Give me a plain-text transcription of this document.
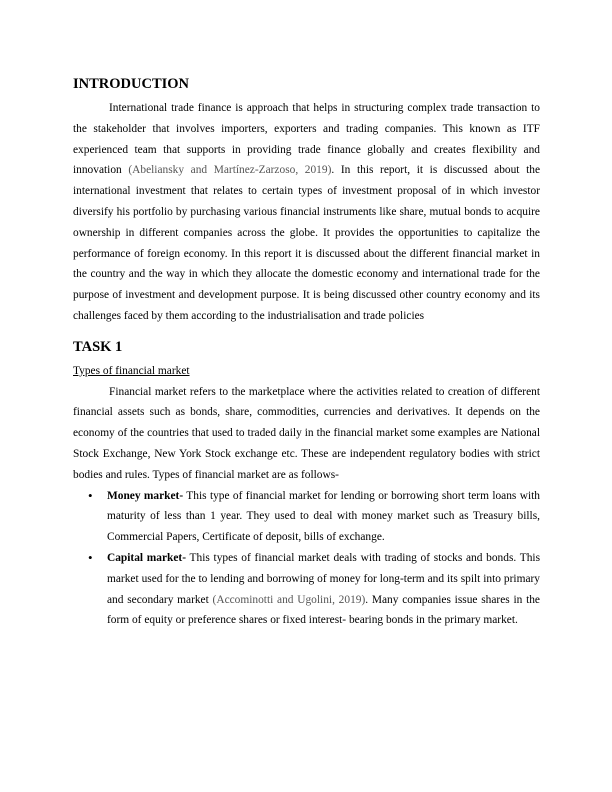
INTRODUCTION

International trade finance is approach that helps in structuring complex trade transaction to the stakeholder that involves importers, exporters and trading companies. This known as ITF experienced team that supports in providing trade finance globally and creates flexibility and innovation (Abeliansky and Martínez-Zarzoso, 2019). In this report, it is discussed about the international investment that relates to certain types of investment proposal of in which investor diversify his portfolio by purchasing various financial instruments like share, mutual bonds to acquire ownership in different companies across the globe. It provides the opportunities to capitalize the performance of foreign economy. In this report it is discussed about the different financial market in the country and the way in which they allocate the domestic economy and international trade for the purpose of investment and development purpose. It is being discussed other country economy and its challenges faced by them according to the industrialisation and trade policies

TASK 1
Types of financial market

Financial market refers to the marketplace where the activities related to creation of different financial assets such as bonds, share, commodities, currencies and derivatives. It depends on the economy of the countries that used to traded daily in the financial market some examples are National Stock Exchange, New York Stock exchange etc. These are independent regulatory bodies with strict bodies and rules. Types of financial market are as follows-

• Money market- This type of financial market for lending or borrowing short term loans with maturity of less than 1 year. They used to deal with money market such as Treasury bills, Commercial Papers, Certificate of deposit, bills of exchange.
• Capital market- This types of financial market deals with trading of stocks and bonds. This market used for the to lending and borrowing of money for long-term and its spilt into primary and secondary market (Accominotti and Ugolini, 2019). Many companies issue shares in the form of equity or preference shares or fixed interest- bearing bonds in the primary market.
